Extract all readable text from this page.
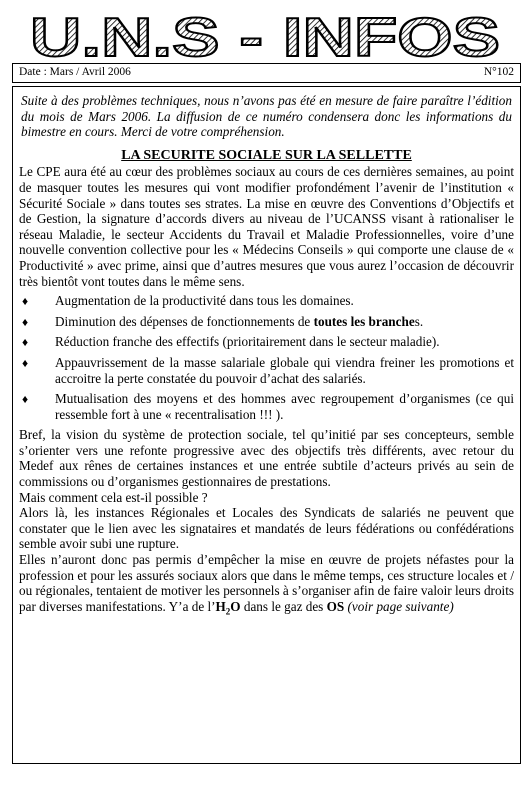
U.N.S - INFOS
Date : Mars / Avril 2006	N°102
Suite à des problèmes techniques, nous n’avons pas été en mesure de faire paraître l’édition du mois de Mars 2006. La diffusion de ce numéro condensera donc les informations du bimestre en cours. Merci de votre compréhension.
LA SECURITE SOCIALE SUR LA SELLETTE

Le CPE aura été au cœur des problèmes sociaux au cours de ces dernières semaines, au point de masquer toutes les mesures qui vont modifier profondément l’avenir de l’institution « Sécurité Sociale » dans toutes ses strates. La mise en œuvre des Conventions d’Objectifs et de Gestion, la signature d’accords divers au niveau de l’UCANSS visant à rationaliser le réseau Maladie, le secteur Accidents du Travail et Maladie Professionnelles, voire d’une nouvelle convention collective pour les « Médecins Conseils » qui comporte une clause de « Productivité » avec prime, ainsi que d’autres mesures que vous aurez l’occasion de découvrir très bientôt vont toutes dans le même sens.

♦ Augmentation de la productivité dans tous les domaines.
♦ Diminution des dépenses de fonctionnements de toutes les branches.
♦ Réduction franche des effectifs (prioritairement dans le secteur maladie).
♦ Appauvrissement de la masse salariale globale qui viendra freiner les promotions et accroitre la perte constatée du pouvoir d’achat des salariés.
♦ Mutualisation des moyens et des hommes avec regroupement d’organismes (ce qui ressemble fort à une « recentralisation !!! ).

Bref, la vision du système de protection sociale, tel qu’initié par ses concepteurs, semble s’orienter vers une refonte progressive avec des objectifs très différents, avec retour du Medef aux rênes de certaines instances et une entrée subtile d’acteurs privés au sein de commissions ou d’organismes gestionnaires de prestations.

Mais comment cela est-il possible ?

Alors là, les instances Régionales et Locales des Syndicats de salariés ne peuvent que constater que le lien avec les signataires et mandatés de leurs fédérations ou confédérations semble avoir subi une rupture.

Elles n’auront donc pas permis d’empêcher la mise en œuvre de projets néfastes pour la profession et pour les assurés sociaux alors que dans le même temps, ces structure locales et / ou régionales, tentaient de motiver les personnels à s’organiser afin de faire valoir leurs droits par diverses manifestations. Y’a de $l’H_2O$ dans le gaz des OS (voir page suivante)
